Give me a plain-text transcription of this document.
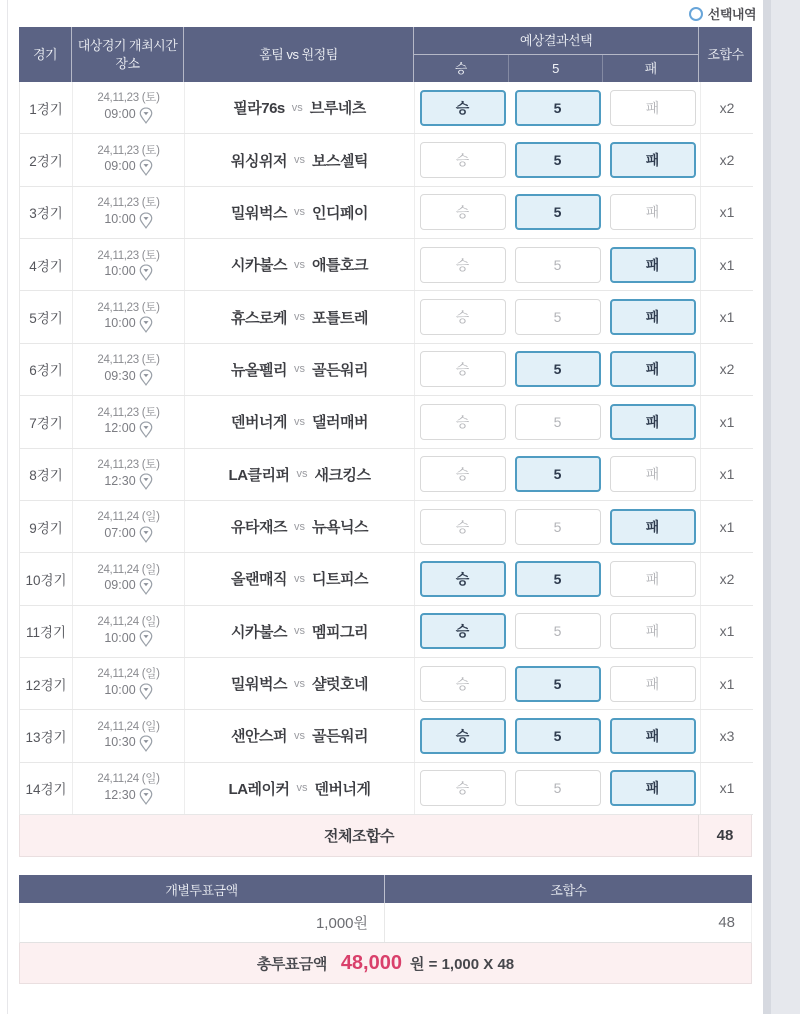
선택내역
경기
대상경기 개최시간
장소
홈팀 vs 원정팀
예상결과선택
승	5	패
조합수
1경기
24,11,23 (토)
09:00	필라76s vs 브루네츠	승	5	패	x2
2경기
24,11,23 (토)
09:00	워싱위저 vs 보스셀틱	승	5	패	x2
3경기
24,11,23 (토)
10:00	밀워벅스 vs 인디페이	승	5	패	x1
4경기
24,11,23 (토)
10:00	시카불스 vs 애틀호크	승	5	패	x1
5경기
24,11,23 (토)
10:00	휴스로케 vs 포틀트레	승	5	패	x1
6경기
24,11,23 (토)
09:30	뉴올펠리 vs 골든워리	승	5	패	x2
7경기
24,11,23 (토)
12:00	덴버너게 vs 댈러매버	승	5	패	x1
8경기
24,11,23 (토)
12:30	LA클리퍼 vs 새크킹스	승	5	패	x1
9경기
24,11,24 (일)
07:00	유타재즈 vs 뉴욕닉스	승	5	패	x1
10경기
24,11,24 (일)
09:00	올랜매직 vs 디트피스	승	5	패	x2
11경기
24,11,24 (일)
10:00	시카불스 vs 멤피그리	승	5	패	x1
12경기
24,11,24 (일)
10:00	밀워벅스 vs 샬럿호네	승	5	패	x1
13경기
24,11,24 (일)
10:30	샌안스퍼 vs 골든워리	승	5	패	x3
14경기
24,11,24 (일)
12:30	LA레이커 vs 덴버너게	승	5	패	x1
전체조합수	48
개별투표금액	조합수
1,000원	48
총투표금액 48,000 원 = 1,000 X 48
